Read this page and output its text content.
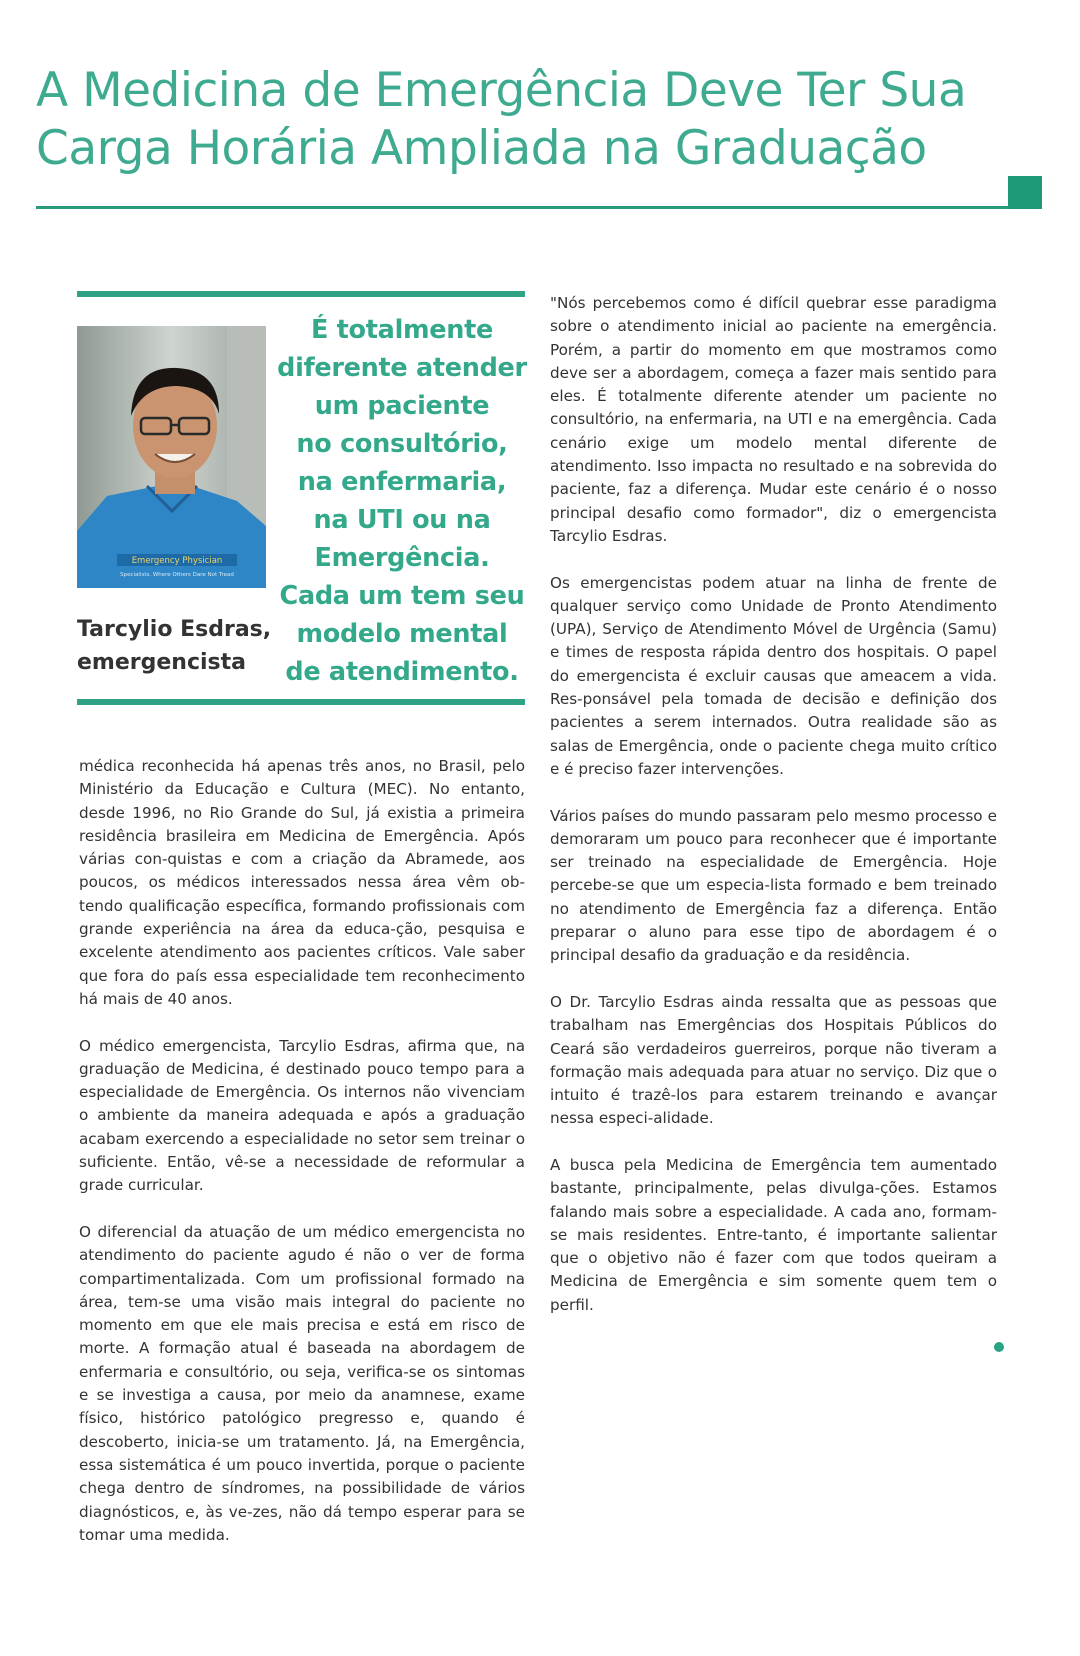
A Medicina de Emergência Deve Ter Sua
Carga Horária Ampliada na Graduação
Emergency Physician
Specialists. Where Others Dare Not Tread
Tarcylio Esdras,
emergencista
É totalmente
diferente atender
um paciente
no consultório,
na enfermaria,
na UTI ou na
Emergência.
Cada um tem seu
modelo mental
de atendimento.

médica reconhecida há apenas três anos, no Brasil, pelo Ministério da Educação e Cultura (MEC). No entanto, desde 1996, no Rio Grande do Sul, já existia a primeira residência brasileira em Medicina de Emergência. Após várias con-quistas e com a criação da Abramede, aos poucos, os médicos interessados nessa área vêm ob-tendo qualificação específica, formando profissionais com grande experiência na área da educa-ção, pesquisa e excelente atendimento aos pacientes críticos. Vale saber que fora do país essa especialidade tem reconhecimento há mais de 40 anos.

O médico emergencista, Tarcylio Esdras, afirma que, na graduação de Medicina, é destinado pouco tempo para a especialidade de Emergência. Os internos não vivenciam o ambiente da maneira adequada e após a graduação acabam exercendo a especialidade no setor sem treinar o suficiente. Então, vê-se a necessidade de reformular a grade curricular.

O diferencial da atuação de um médico emergencista no atendimento do paciente agudo é não o ver de forma compartimentalizada. Com um profissional formado na área, tem-se uma visão mais integral do paciente no momento em que ele mais precisa e está em risco de morte. A formação atual é baseada na abordagem de enfermaria e consultório, ou seja, verifica-se os sintomas e se investiga a causa, por meio da anamnese, exame físico, histórico patológico pregresso e, quando é descoberto, inicia-se um tratamento. Já, na Emergência, essa sistemática é um pouco invertida, porque o paciente chega dentro de síndromes, na possibilidade de vários diagnósticos, e, às ve-zes, não dá tempo esperar para se tomar uma medida.

"Nós percebemos como é difícil quebrar esse paradigma sobre o atendimento inicial ao paciente na emergência. Porém, a partir do momento em que mostramos como deve ser a abordagem, começa a fazer mais sentido para eles. É totalmente diferente atender um paciente no consultório, na enfermaria, na UTI e na emergência. Cada cenário exige um modelo mental diferente de atendimento. Isso impacta no resultado e na sobrevida do paciente, faz a diferença. Mudar este cenário é o nosso principal desafio como formador", diz o emergencista Tarcylio Esdras.

Os emergencistas podem atuar na linha de frente de qualquer serviço como Unidade de Pronto Atendimento (UPA), Serviço de Atendimento Móvel de Urgência (Samu) e times de resposta rápida dentro dos hospitais. O papel do emergencista é excluir causas que ameacem a vida. Res-ponsável pela tomada de decisão e definição dos pacientes a serem internados. Outra realidade são as salas de Emergência, onde o paciente chega muito crítico e é preciso fazer intervenções.

Vários países do mundo passaram pelo mesmo processo e demoraram um pouco para reconhecer que é importante ser treinado na especialidade de Emergência. Hoje percebe-se que um especia-lista formado e bem treinado no atendimento de Emergência faz a diferença. Então preparar o aluno para esse tipo de abordagem é o principal desafio da graduação e da residência.

O Dr. Tarcylio Esdras ainda ressalta que as pessoas que trabalham nas Emergências dos Hospitais Públicos do Ceará são verdadeiros guerreiros, porque não tiveram a formação mais adequada para atuar no serviço. Diz que o intuito é trazê-los para estarem treinando e avançar nessa especi-alidade.

A busca pela Medicina de Emergência tem aumentado bastante, principalmente, pelas divulga-ções. Estamos falando mais sobre a especialidade. A cada ano, formam-se mais residentes. Entre-tanto, é importante salientar que o objetivo não é fazer com que todos queiram a Medicina de Emergência e sim somente quem tem o perfil.
